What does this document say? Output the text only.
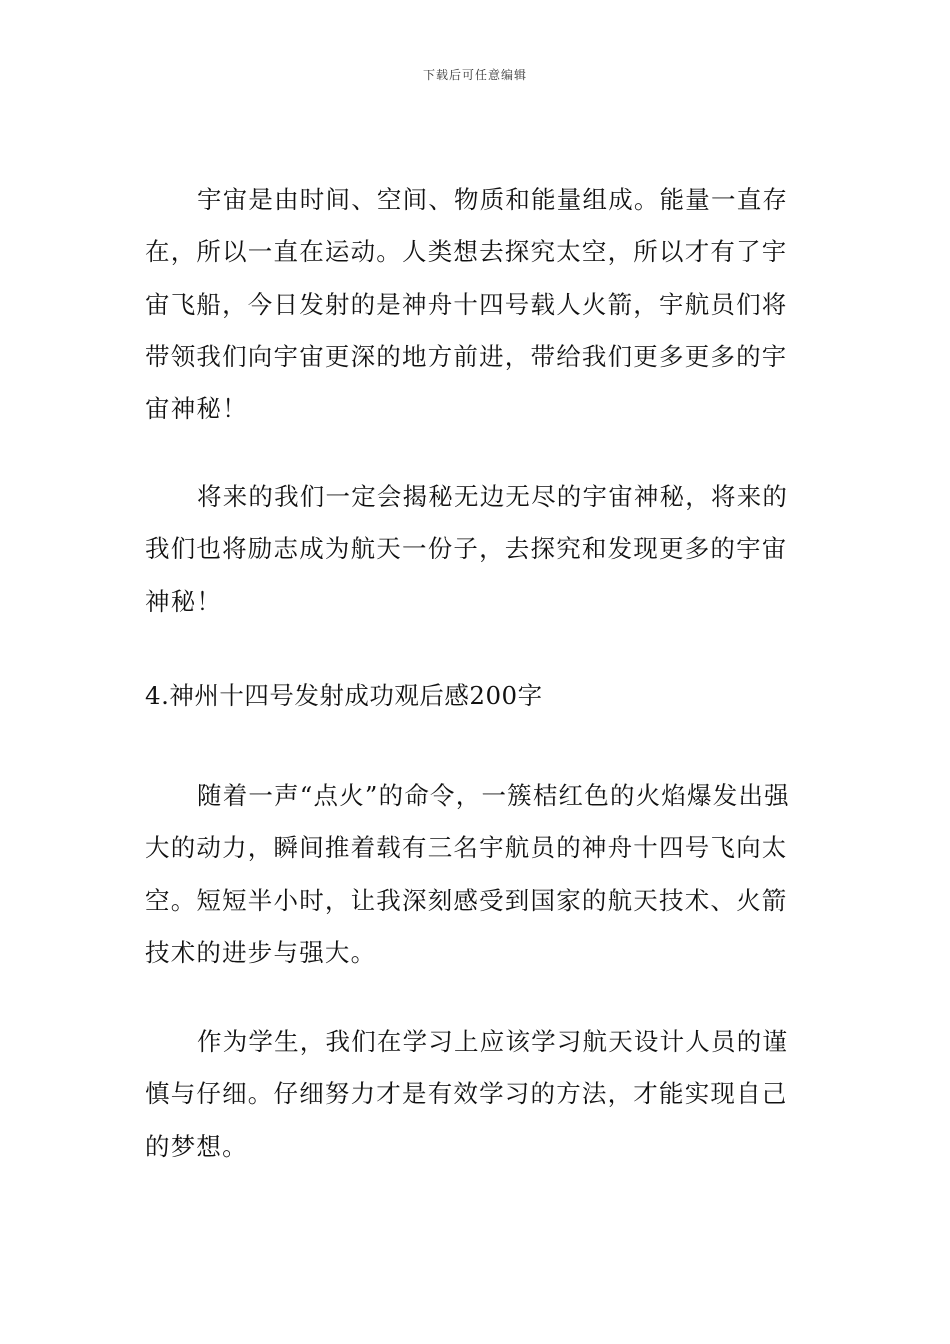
下载后可任意编辑

宇宙是由时间、空间、物质和能量组成。能量一直存在，所以一直在运动。人类想去探究太空，所以才有了宇宙飞船，今日发射的是神舟十四号载人火箭，宇航员们将带领我们向宇宙更深的地方前进，带给我们更多更多的宇宙神秘！

将来的我们一定会揭秘无边无尽的宇宙神秘，将来的我们也将励志成为航天一份子，去探究和发现更多的宇宙神秘！

4.神州十四号发射成功观后感200字

随着一声“点火”的命令，一簇桔红色的火焰爆发出强大的动力，瞬间推着载有三名宇航员的神舟十四号飞向太空。短短半小时，让我深刻感受到国家的航天技术、火箭技术的进步与强大。

作为学生，我们在学习上应该学习航天设计人员的谨慎与仔细。仔细努力才是有效学习的方法，才能实现自己的梦想。
